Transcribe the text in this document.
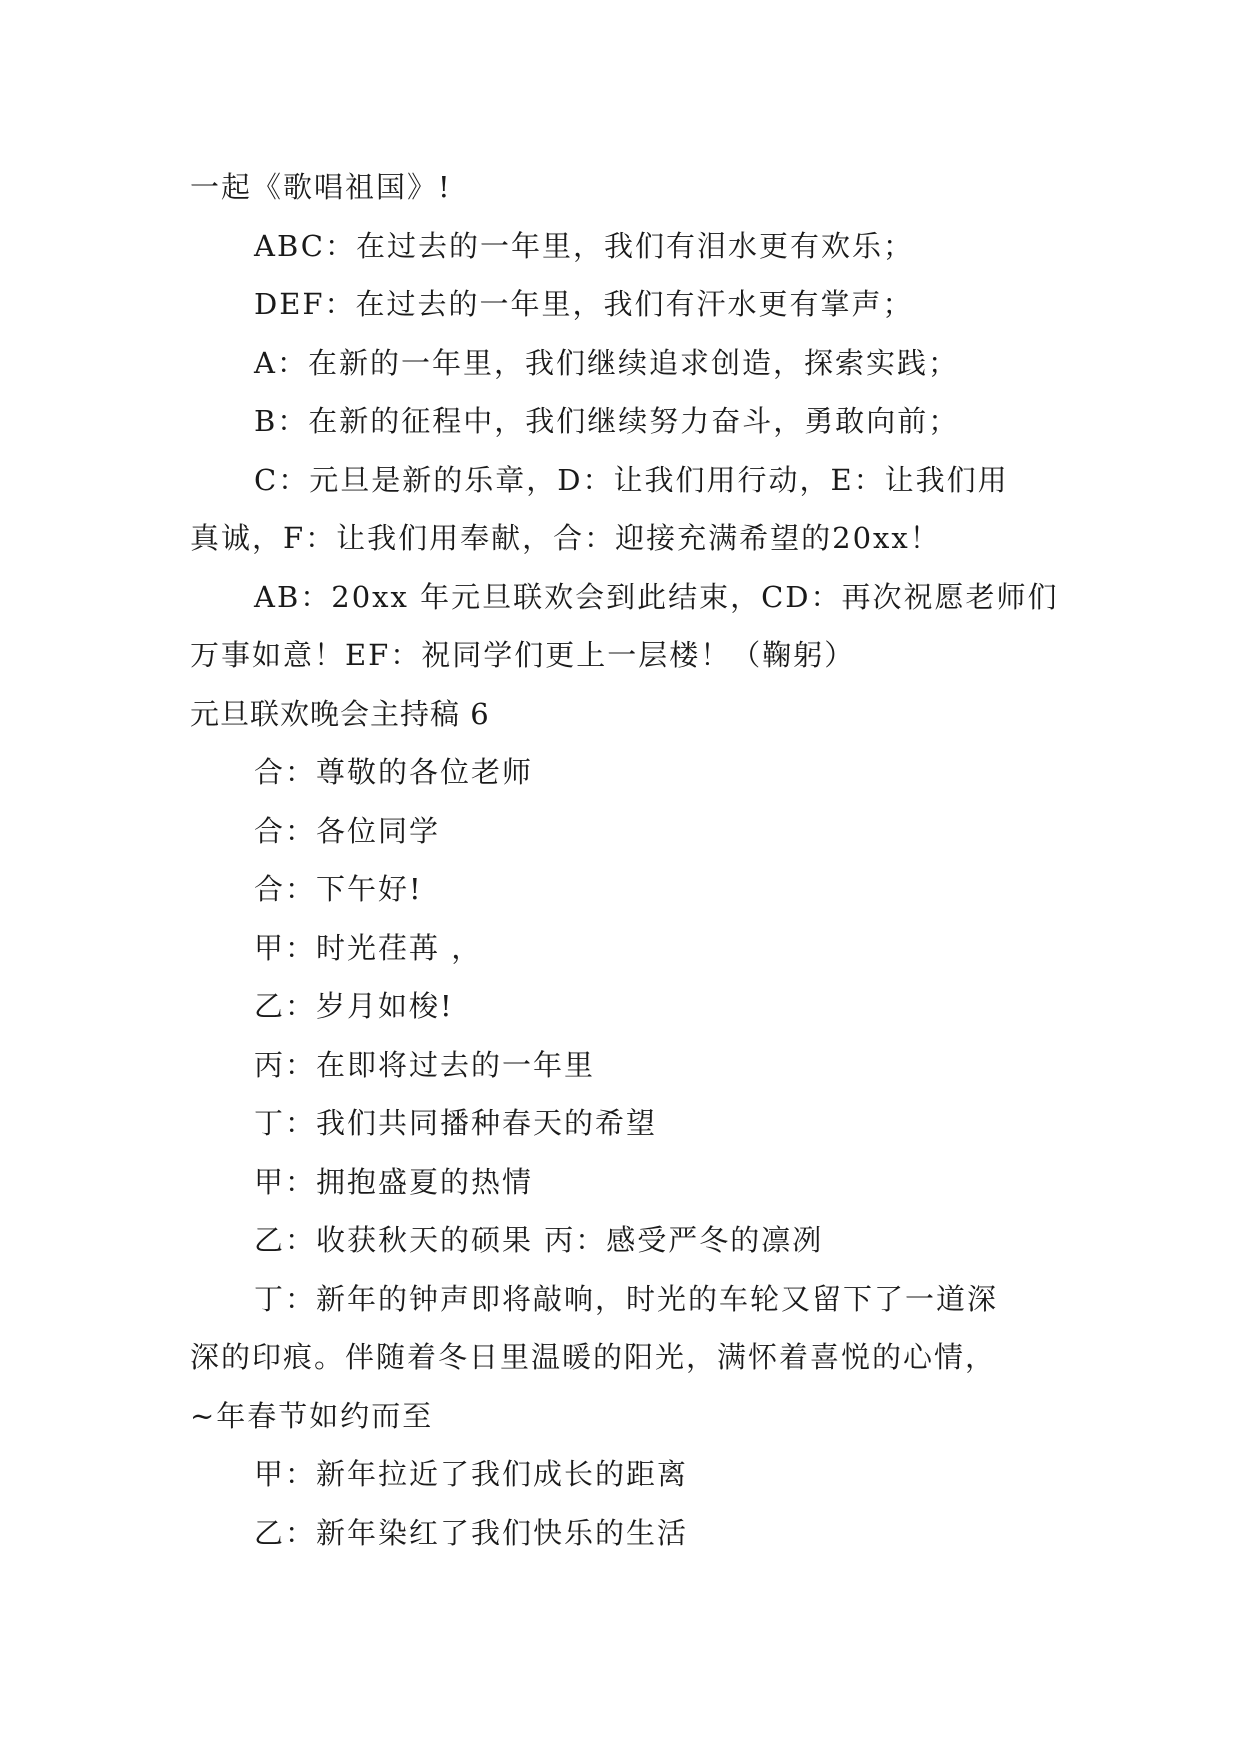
一起《歌唱祖国》!
ABC：在过去的一年里，我们有泪水更有欢乐；
DEF：在过去的一年里，我们有汗水更有掌声；
A：在新的一年里，我们继续追求创造，探索实践；
B：在新的征程中，我们继续努力奋斗，勇敢向前；
C：元旦是新的乐章，D：让我们用行动，E：让我们用
真诚，F：让我们用奉献，合：迎接充满希望的20xx！
AB：20xx 年元旦联欢会到此结束，CD：再次祝愿老师们
万事如意！EF：祝同学们更上一层楼！（鞠躬）
元旦联欢晚会主持稿 6
合：尊敬的各位老师
合：各位同学
合：下午好!
甲：时光荏苒 ，
乙：岁月如梭!
丙：在即将过去的一年里
丁：我们共同播种春天的希望
甲：拥抱盛夏的热情
乙：收获秋天的硕果 丙：感受严冬的凛冽
丁：新年的钟声即将敲响，时光的车轮又留下了一道深
深的印痕。伴随着冬日里温暖的阳光，满怀着喜悦的心情，
~年春节如约而至
甲：新年拉近了我们成长的距离
乙：新年染红了我们快乐的生活
